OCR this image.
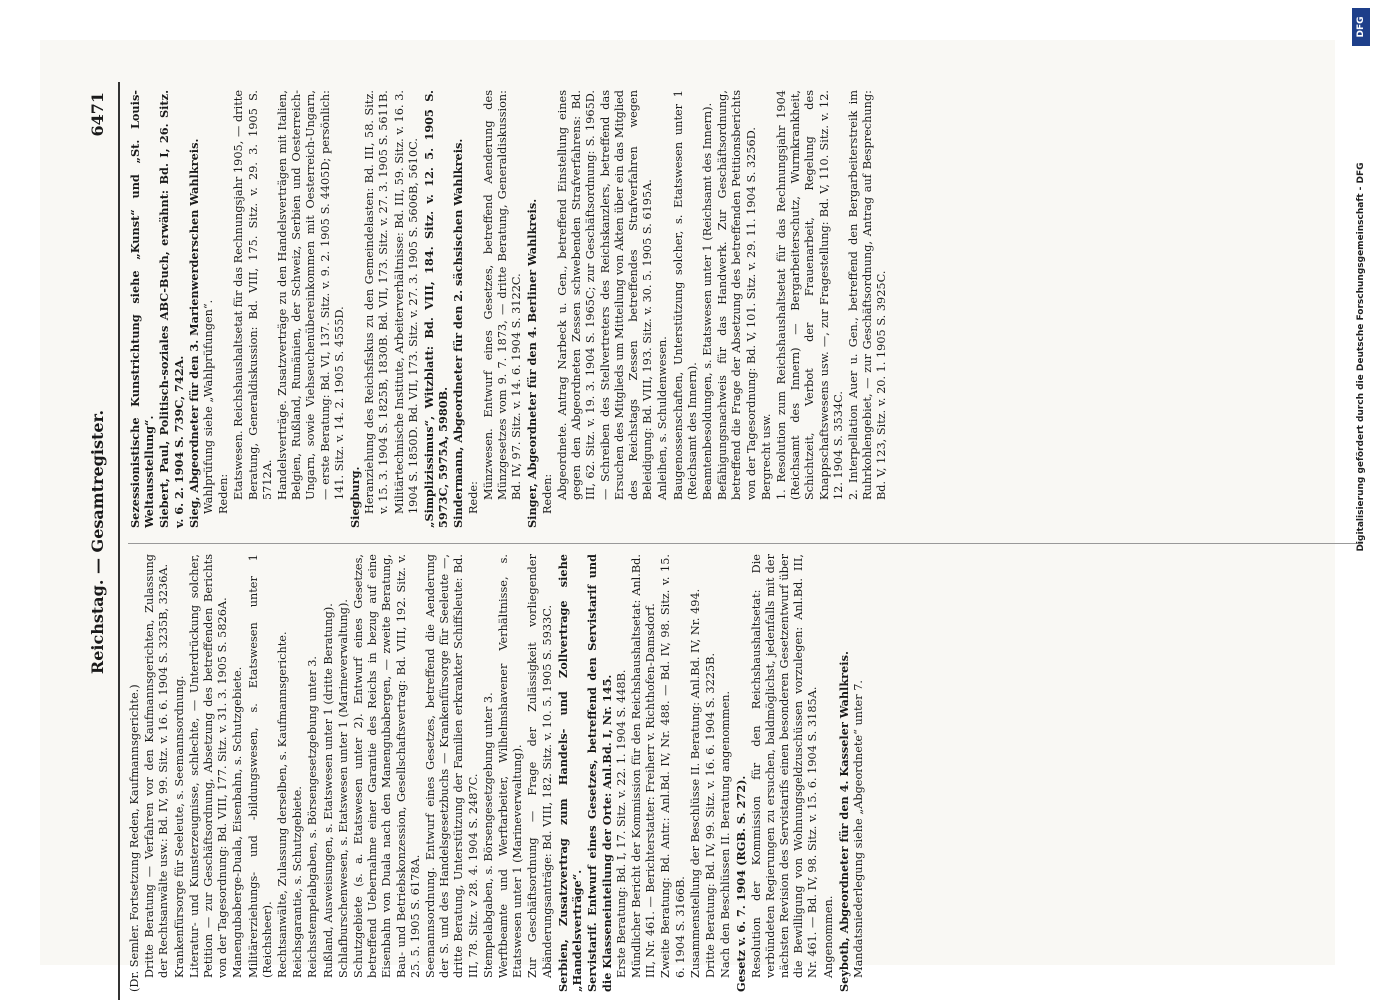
Reichstag. — Gesamtregister.
6471
(Dr. Semler. Fortsetzung Reden, Kaufmannsgerichte.) Dritte Beratung — Verfahren vor den Kaufmannsgerichten, Zulassung der Rechtsanwälte usw.: Bd. IV, 99. Sitz. v. 16. 6. 1904 S. 3235B, 3236A. Krankenfürsorge für Seeleute, s. Seemannsordnung. Literatur- und Kunsterzeugnisse, schlechte, — Unterdrückung solcher, Petition — zur Geschäftsordnung, Absetzung des betreffenden Berichts von der Tagesordnung: Bd. VIII, 177. Sitz. v. 31. 3. 1905 S. 5826A. Manengubaberge-Duala, Eisenbahn, s. Schutzgebiete. Militärerziehungs- und -bildungswesen, s. Etatswesen unter 1 (Reichsheer). Rechtsanwälte, Zulassung derselben, s. Kaufmannsgerichte. Reichsgarantie, s. Schutzgebiete. Reichsstempelabgaben, s. Börsengesetzgebung unter 3. Rußland, Ausweisungen, s. Etatswesen unter 1 (dritte Beratung). Schlafburschenwesen, s. Etatswesen unter 1 (Marineverwaltung). Schutzgebiete (s. a. Etatswesen unter 2). Entwurf eines Gesetzes, betreffend Uebernahme einer Garantie des Reichs in bezug auf eine Eisenbahn von Duala nach den Manengubabergen, — zweite Beratung, Bau- und Betriebskonzession, Gesellschaftsvertrag: Bd. VIII, 192. Sitz. v. 25. 5. 1905 S. 6178A. Seemannsordnung. Entwurf eines Gesetzes, betreffend die Aenderung der S. und des Handelsgesetzbuchs — Krankenfürsorge für Seeleute —, dritte Beratung, Unterstützung der Familien erkrankter Schiffsleute: Bd. III, 78. Sitz. v 28. 4. 1904 S. 2487C. Stempelabgaben, s. Börsengesetzgebung unter 3. Werftbeamte und Werftarbeiter, Wilhelmshavener Verhältnisse, s. Etatswesen unter 1 (Marineverwaltung). Zur Geschäftsordnung — Frage der Zulässigkeit vorliegender Abänderungsanträge: Bd. VIII, 182. Sitz. v. 10. 5. 1905 S. 5933C. Serbien, Zusatzvertrag zum Handels- und Zollvertrage siehe „Handelsverträge“. Servistarif. Entwurf eines Gesetzes, betreffend den Servistarif und die Klasseneinteilung der Orte: Anl.Bd. I, Nr. 145. Erste Beratung: Bd. I, 17. Sitz. v. 22. 1. 1904 S. 448B. Mündlicher Bericht der Kommission für den Reichshaushaltsetat: Anl.Bd. III, Nr. 461. — Berichterstatter: Freiherr v. Richthofen-Damsdorf. Zweite Beratung: Bd. Antr.: Anl.Bd. IV, Nr. 488. — Bd. IV, 98. Sitz. v. 15. 6. 1904 S. 3166B. Zusammenstellung der Beschlüsse II. Beratung: Anl.Bd. IV, Nr. 494. Dritte Beratung: Bd. IV, 99. Sitz. v. 16. 6. 1904 S. 3225B. Nach den Beschlüssen II. Beratung angenommen. Gesetz v. 6. 7. 1904 (RGB. S. 272). Resolution der Kommission für den Reichshaushaltsetat: Die verbündeten Regierungen zu ersuchen, baldmöglichst, jedenfalls mit der nächsten Revision des Servistarifs einen besonderen Gesetzentwurf über die Bewilligung von Wohnungsgeldzuschüssen vorzulegen: Anl.Bd. III, Nr. 461. — Bd. IV, 98. Sitz. v. 15. 6. 1904 S. 3185A. Angenommen. Seyboth, Abgeordneter für den 4. Kasseler Wahlkreis. Mandatsniederlegung siehe „Abgeordnete“ unter 7.
Sezessionistische Kunstrichtung siehe „Kunst“ und „St. Louis-Weltausstellung“. Siebert, Paul, Politisch-soziales ABC-Buch, erwähnt: Bd. I, 26. Sitz. v. 6. 2. 1904 S. 739C, 742A. Sieg, Abgeordneter für den 3. Marienwerderschen Wahlkreis. Wahlprüfung siehe „Wahlprüfungen“. Reden: Etatswesen. Reichshaushaltsetat für das Rechnungsjahr 1905, — dritte Beratung, Generaldiskussion: Bd. VIII, 175. Sitz. v. 29. 3. 1905 S. 5712A. Handelsverträge. Zusatzverträge zu den Handelsverträgen mit Italien, Belgien, Rußland, Rumänien, der Schweiz, Serbien und Oesterreich-Ungarn, sowie Viehseuchenübereinkommen mit Oesterreich-Ungarn, — erste Beratung: Bd. VI, 137. Sitz. v. 9. 2. 1905 S. 4405D; persönlich: 141. Sitz. v. 14. 2. 1905 S. 4555D. Siegburg. Heranziehung des Reichsfiskus zu den Gemeindelasten: Bd. III, 58. Sitz. v. 15. 3. 1904 S. 1825B, 1830B. Bd. VII, 173. Sitz. v. 27. 3. 1905 S. 5611B. Militärtechnische Institute, Arbeiterverhältnisse: Bd. III, 59. Sitz. v. 16. 3. 1904 S. 1850D. Bd. VII, 173. Sitz. v. 27. 3. 1905 S. 5606B, 5610C. „Simplizissimus“, Witzblatt: Bd. VIII, 184. Sitz. v. 12. 5. 1905 S. 5973C, 5975A, 5980B. Sindermann, Abgeordneter für den 2. sächsischen Wahlkreis. Rede: Münzwesen. Entwurf eines Gesetzes, betreffend Aenderung des Münzgesetzes vom 9. 7. 1873, — dritte Beratung, Generaldiskussion: Bd. IV, 97. Sitz. v. 14. 6. 1904 S. 3122C. Singer, Abgeordneter für den 4. Berliner Wahlkreis. Reden: Abgeordnete. Antrag Narbeck u. Gen., betreffend Einstellung eines gegen den Abgeordneten Zessen schwebenden Strafverfahrens: Bd. III, 62. Sitz. v. 19. 3. 1904 S. 1965C; zur Geschäftsordnung: S. 1965D. — Schreiben des Stellvertreters des Reichskanzlers, betreffend das Ersuchen des Mitglieds um Mitteilung von Akten über ein das Mitglied des Reichstags Zessen betreffendes Strafverfahren wegen Beleidigung: Bd. VIII, 193. Sitz. v. 30. 5. 1905 S. 6195A. Anleihen, s. Schuldenwesen. Baugenossenschaften, Unterstützung solcher, s. Etatswesen unter 1 (Reichsamt des Innern). Beamtenbesoldungen, s. Etatswesen unter 1 (Reichsamt des Innern). Befähigungsnachweis für das Handwerk. Zur Geschäftsordnung, betreffend die Frage der Absetzung des betreffenden Petitionsberichts von der Tagesordnung: Bd. V, 101. Sitz. v. 29. 11. 1904 S. 3256D. Bergrecht usw. 1. Resolution zum Reichshaushaltsetat für das Rechnungsjahr 1904 (Reichsamt des Innern) — Bergarbeiterschutz, Wurmkrankheit, Schichtzeit, Verbot der Frauenarbeit, Regelung des Knappschaftswesens usw. —, zur Fragestellung: Bd. V, 110. Sitz. v. 12. 12. 1904 S. 3534C. 2. Interpellation Auer u. Gen., betreffend den Bergarbeiterstreik im Ruhrkohlengebiet, — zur Geschäftsordnung, Antrag auf Besprechung: Bd. V, 123, Sitz. v. 20. 1. 1905 S. 3925C.
DFG
Digitalisierung gefördert durch die Deutsche Forschungsgemeinschaft - DFG
